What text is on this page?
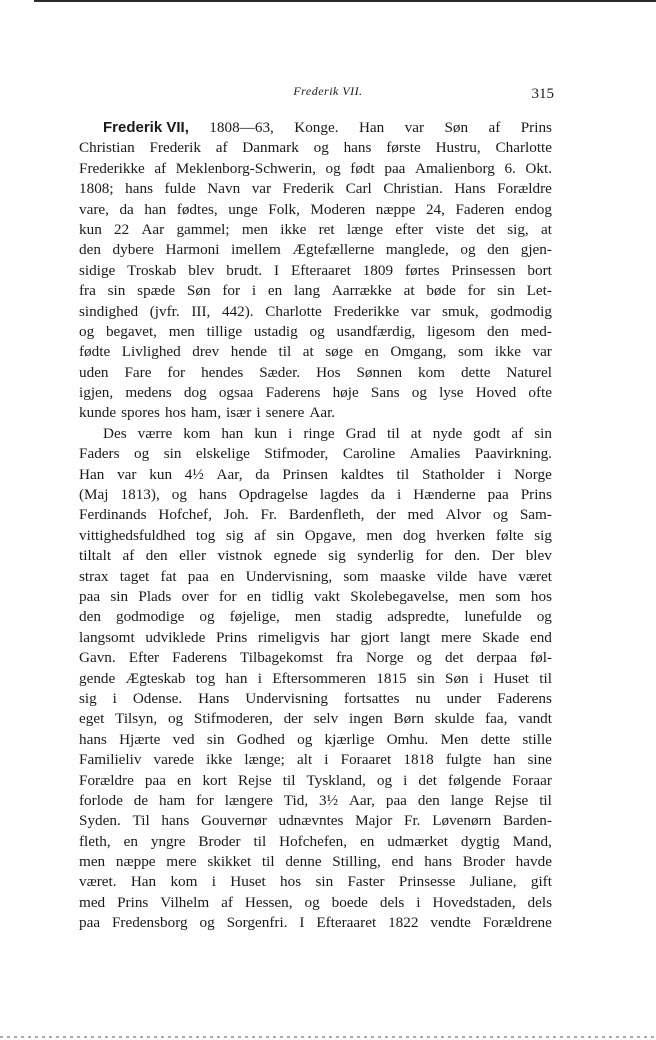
Frederik VII.	315
Frederik VII, 1808—63, Konge. Han var Søn af Prins
Christian Frederik af Danmark og hans første Hustru, Charlotte
Frederikke af Meklenborg-Schwerin, og født paa Amalienborg 6. Okt.
1808; hans fulde Navn var Frederik Carl Christian. Hans Forældre
vare, da han fødtes, unge Folk, Moderen næppe 24, Faderen endog
kun 22 Aar gammel; men ikke ret længe efter viste det sig, at
den dybere Harmoni imellem Ægtefællerne manglede, og den gjen-
sidige Troskab blev brudt. I Efteraaret 1809 førtes Prinsessen bort
fra sin spæde Søn for i en lang Aarrække at bøde for sin Let-
sindighed (jvfr. III, 442). Charlotte Frederikke var smuk, godmodig
og begavet, men tillige ustadig og usandfærdig, ligesom den med-
fødte Livlighed drev hende til at søge en Omgang, som ikke var
uden Fare for hendes Sæder. Hos Sønnen kom dette Naturel
igjen, medens dog ogsaa Faderens høje Sans og lyse Hoved ofte
kunde spores hos ham, især i senere Aar.
Des værre kom han kun i ringe Grad til at nyde godt af sin
Faders og sin elskelige Stifmoder, Caroline Amalies Paavirkning.
Han var kun 4½ Aar, da Prinsen kaldtes til Statholder i Norge
(Maj 1813), og hans Opdragelse lagdes da i Hænderne paa Prins
Ferdinands Hofchef, Joh. Fr. Bardenfleth, der med Alvor og Sam-
vittighedsfuldhed tog sig af sin Opgave, men dog hverken følte sig
tiltalt af den eller vistnok egnede sig synderlig for den. Der blev
strax taget fat paa en Undervisning, som maaske vilde have været
paa sin Plads over for en tidlig vakt Skolebegavelse, men som hos
den godmodige og føjelige, men stadig adspredte, lunefulde og
langsomt udviklede Prins rimeligvis har gjort langt mere Skade end
Gavn. Efter Faderens Tilbagekomst fra Norge og det derpaa føl-
gende Ægteskab tog han i Eftersommeren 1815 sin Søn i Huset til
sig i Odense. Hans Undervisning fortsattes nu under Faderens
eget Tilsyn, og Stifmoderen, der selv ingen Børn skulde faa, vandt
hans Hjærte ved sin Godhed og kjærlige Omhu. Men dette stille
Familieliv varede ikke længe; alt i Foraaret 1818 fulgte han sine
Forældre paa en kort Rejse til Tyskland, og i det følgende Foraar
forlode de ham for længere Tid, 3½ Aar, paa den lange Rejse til
Syden. Til hans Gouvernør udnævntes Major Fr. Løvenørn Barden-
fleth, en yngre Broder til Hofchefen, en udmærket dygtig Mand,
men næppe mere skikket til denne Stilling, end hans Broder havde
været. Han kom i Huset hos sin Faster Prinsesse Juliane, gift
med Prins Vilhelm af Hessen, og boede dels i Hovedstaden, dels
paa Fredensborg og Sorgenfri. I Efteraaret 1822 vendte Forældrene
